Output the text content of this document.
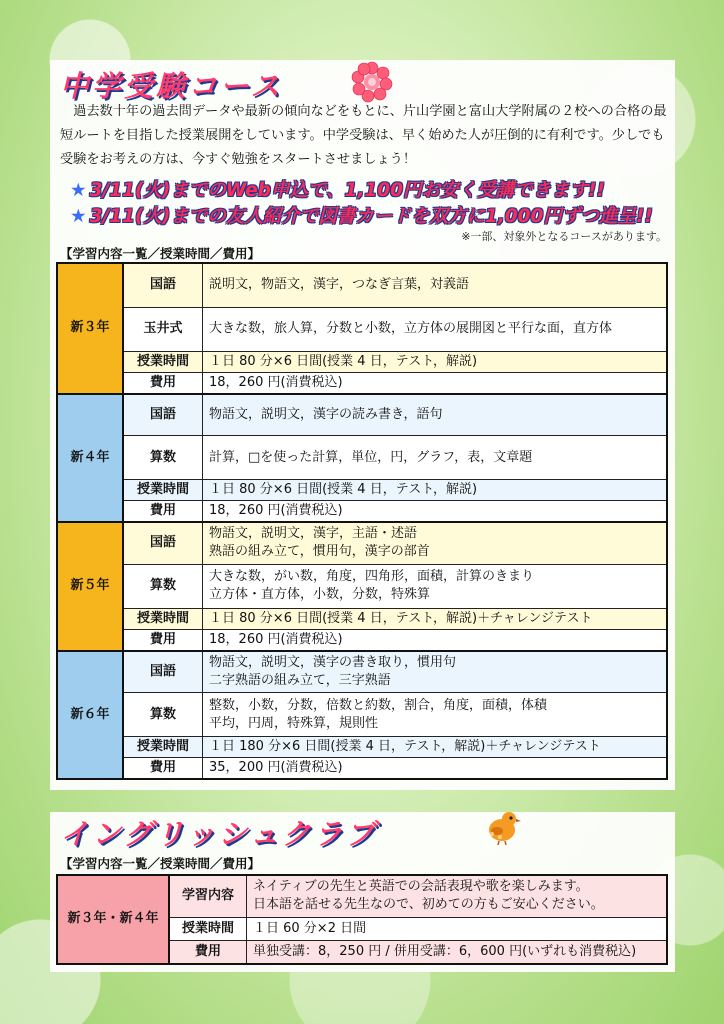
中学受験コース
過去数十年の過去問データや最新の傾向などをもとに、片山学園と富山大学附属の２校への合格の最短ルートを目指した授業展開をしています。中学受験は、早く始めた人が圧倒的に有利です。少しでも受験をお考えの方は、今すぐ勉強をスタートさせましょう！
★ 3/11(火)までのWeb申込で、1,100円お安く受講できます!!
★ 3/11(火)までの友人紹介で図書カードを双方に1,000円ずつ進呈!!
※一部、対象外となるコースがあります。
【学習内容一覧／授業時間／費用】
新３年	国語	説明文，物語文，漢字，つなぎ言葉，対義語
	玉井式	大きな数，旅人算，分数と小数，立方体の展開図と平行な面，直方体
	授業時間	１日 80 分×6 日間(授業 4 日，テスト，解説)
	費用	18，260 円(消費税込)
新４年	国語	物語文，説明文，漢字の読み書き，語句
	算数	計算，□を使った計算，単位，円，グラフ，表，文章題
	授業時間	１日 80 分×6 日間(授業 4 日，テスト，解説)
	費用	18，260 円(消費税込)
新５年	国語	物語文，説明文，漢字，主語・述語
熟語の組み立て，慣用句，漢字の部首
	算数	大きな数，がい数，角度，四角形，面積，計算のきまり
立方体・直方体，小数，分数，特殊算
	授業時間	１日 80 分×6 日間(授業 4 日，テスト，解説)＋チャレンジテスト
	費用	18，260 円(消費税込)
新６年	国語	物語文，説明文，漢字の書き取り，慣用句
二字熟語の組み立て，三字熟語
	算数	整数，小数，分数，倍数と約数，割合，角度，面積，体積
平均，円周，特殊算，規則性
	授業時間	１日 180 分×6 日間(授業 4 日，テスト，解説)＋チャレンジテスト
	費用	35，200 円(消費税込)
イングリッシュクラブ
【学習内容一覧／授業時間／費用】
新３年・新４年	学習内容	ネイティブの先生と英語での会話表現や歌を楽しみます。
日本語を話せる先生なので、初めての方もご安心ください。
	授業時間	１日 60 分×2 日間
	費用	単独受講：8，250 円 / 併用受講：6，600 円(いずれも消費税込)
